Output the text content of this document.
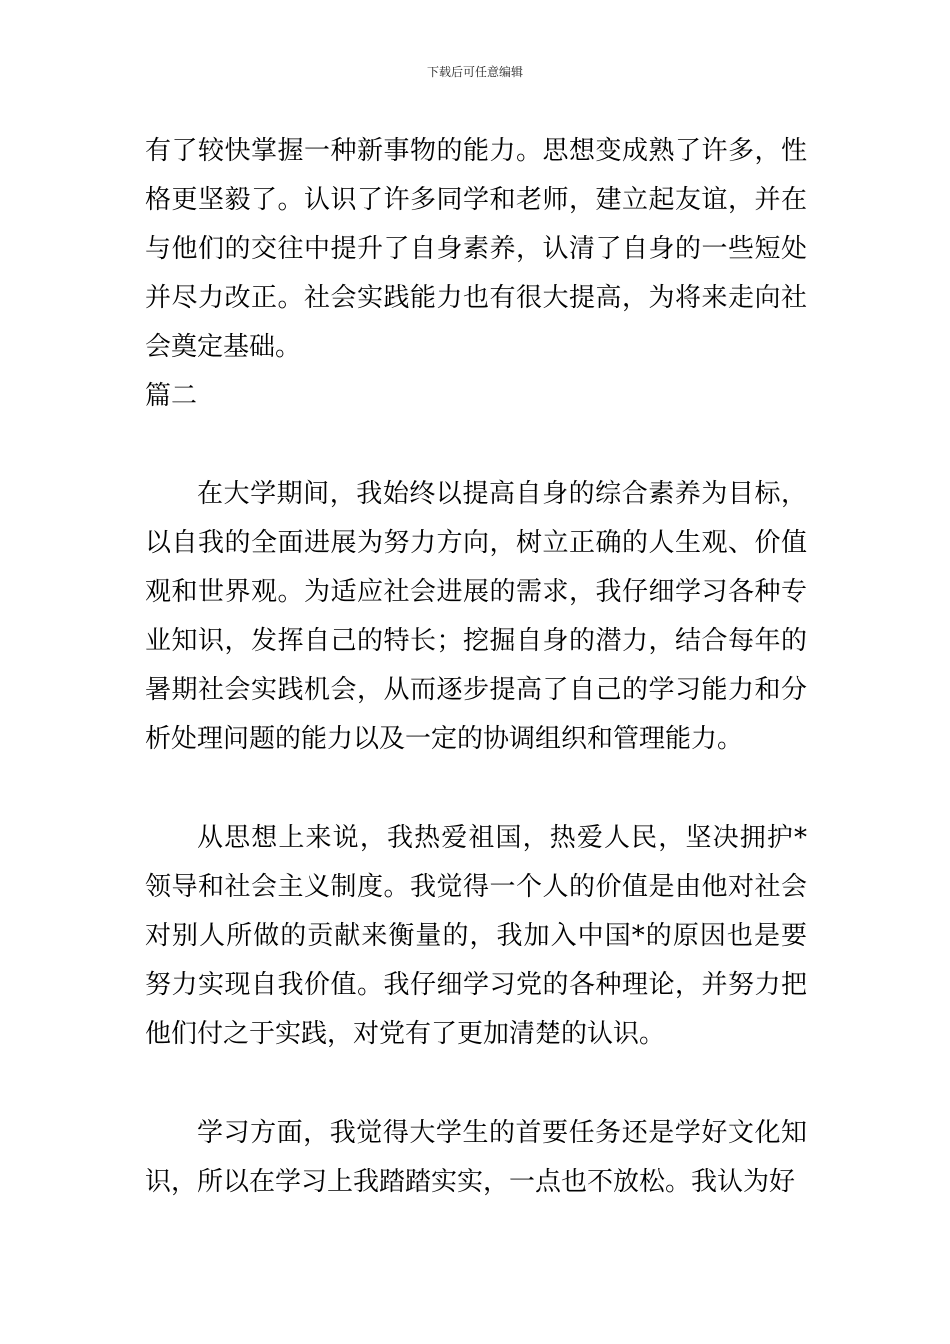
下载后可任意编辑

有了较快掌握一种新事物的能力。思想变成熟了许多，性格更坚毅了。认识了许多同学和老师，建立起友谊，并在与他们的交往中提升了自身素养，认清了自身的一些短处并尽力改正。社会实践能力也有很大提高，为将来走向社会奠定基础。

篇二

在大学期间，我始终以提高自身的综合素养为目标，以自我的全面进展为努力方向，树立正确的人生观、价值观和世界观。为适应社会进展的需求，我仔细学习各种专业知识，发挥自己的特长；挖掘自身的潜力，结合每年的暑期社会实践机会，从而逐步提高了自己的学习能力和分析处理问题的能力以及一定的协调组织和管理能力。

从思想上来说，我热爱祖国，热爱人民，坚决拥护*领导和社会主义制度。我觉得一个人的价值是由他对社会对别人所做的贡献来衡量的，我加入中国*的原因也是要努力实现自我价值。我仔细学习党的各种理论，并努力把他们付之于实践，对党有了更加清楚的认识。

学习方面，我觉得大学生的首要任务还是学好文化知识，所以在学习上我踏踏实实，一点也不放松。我认为好
